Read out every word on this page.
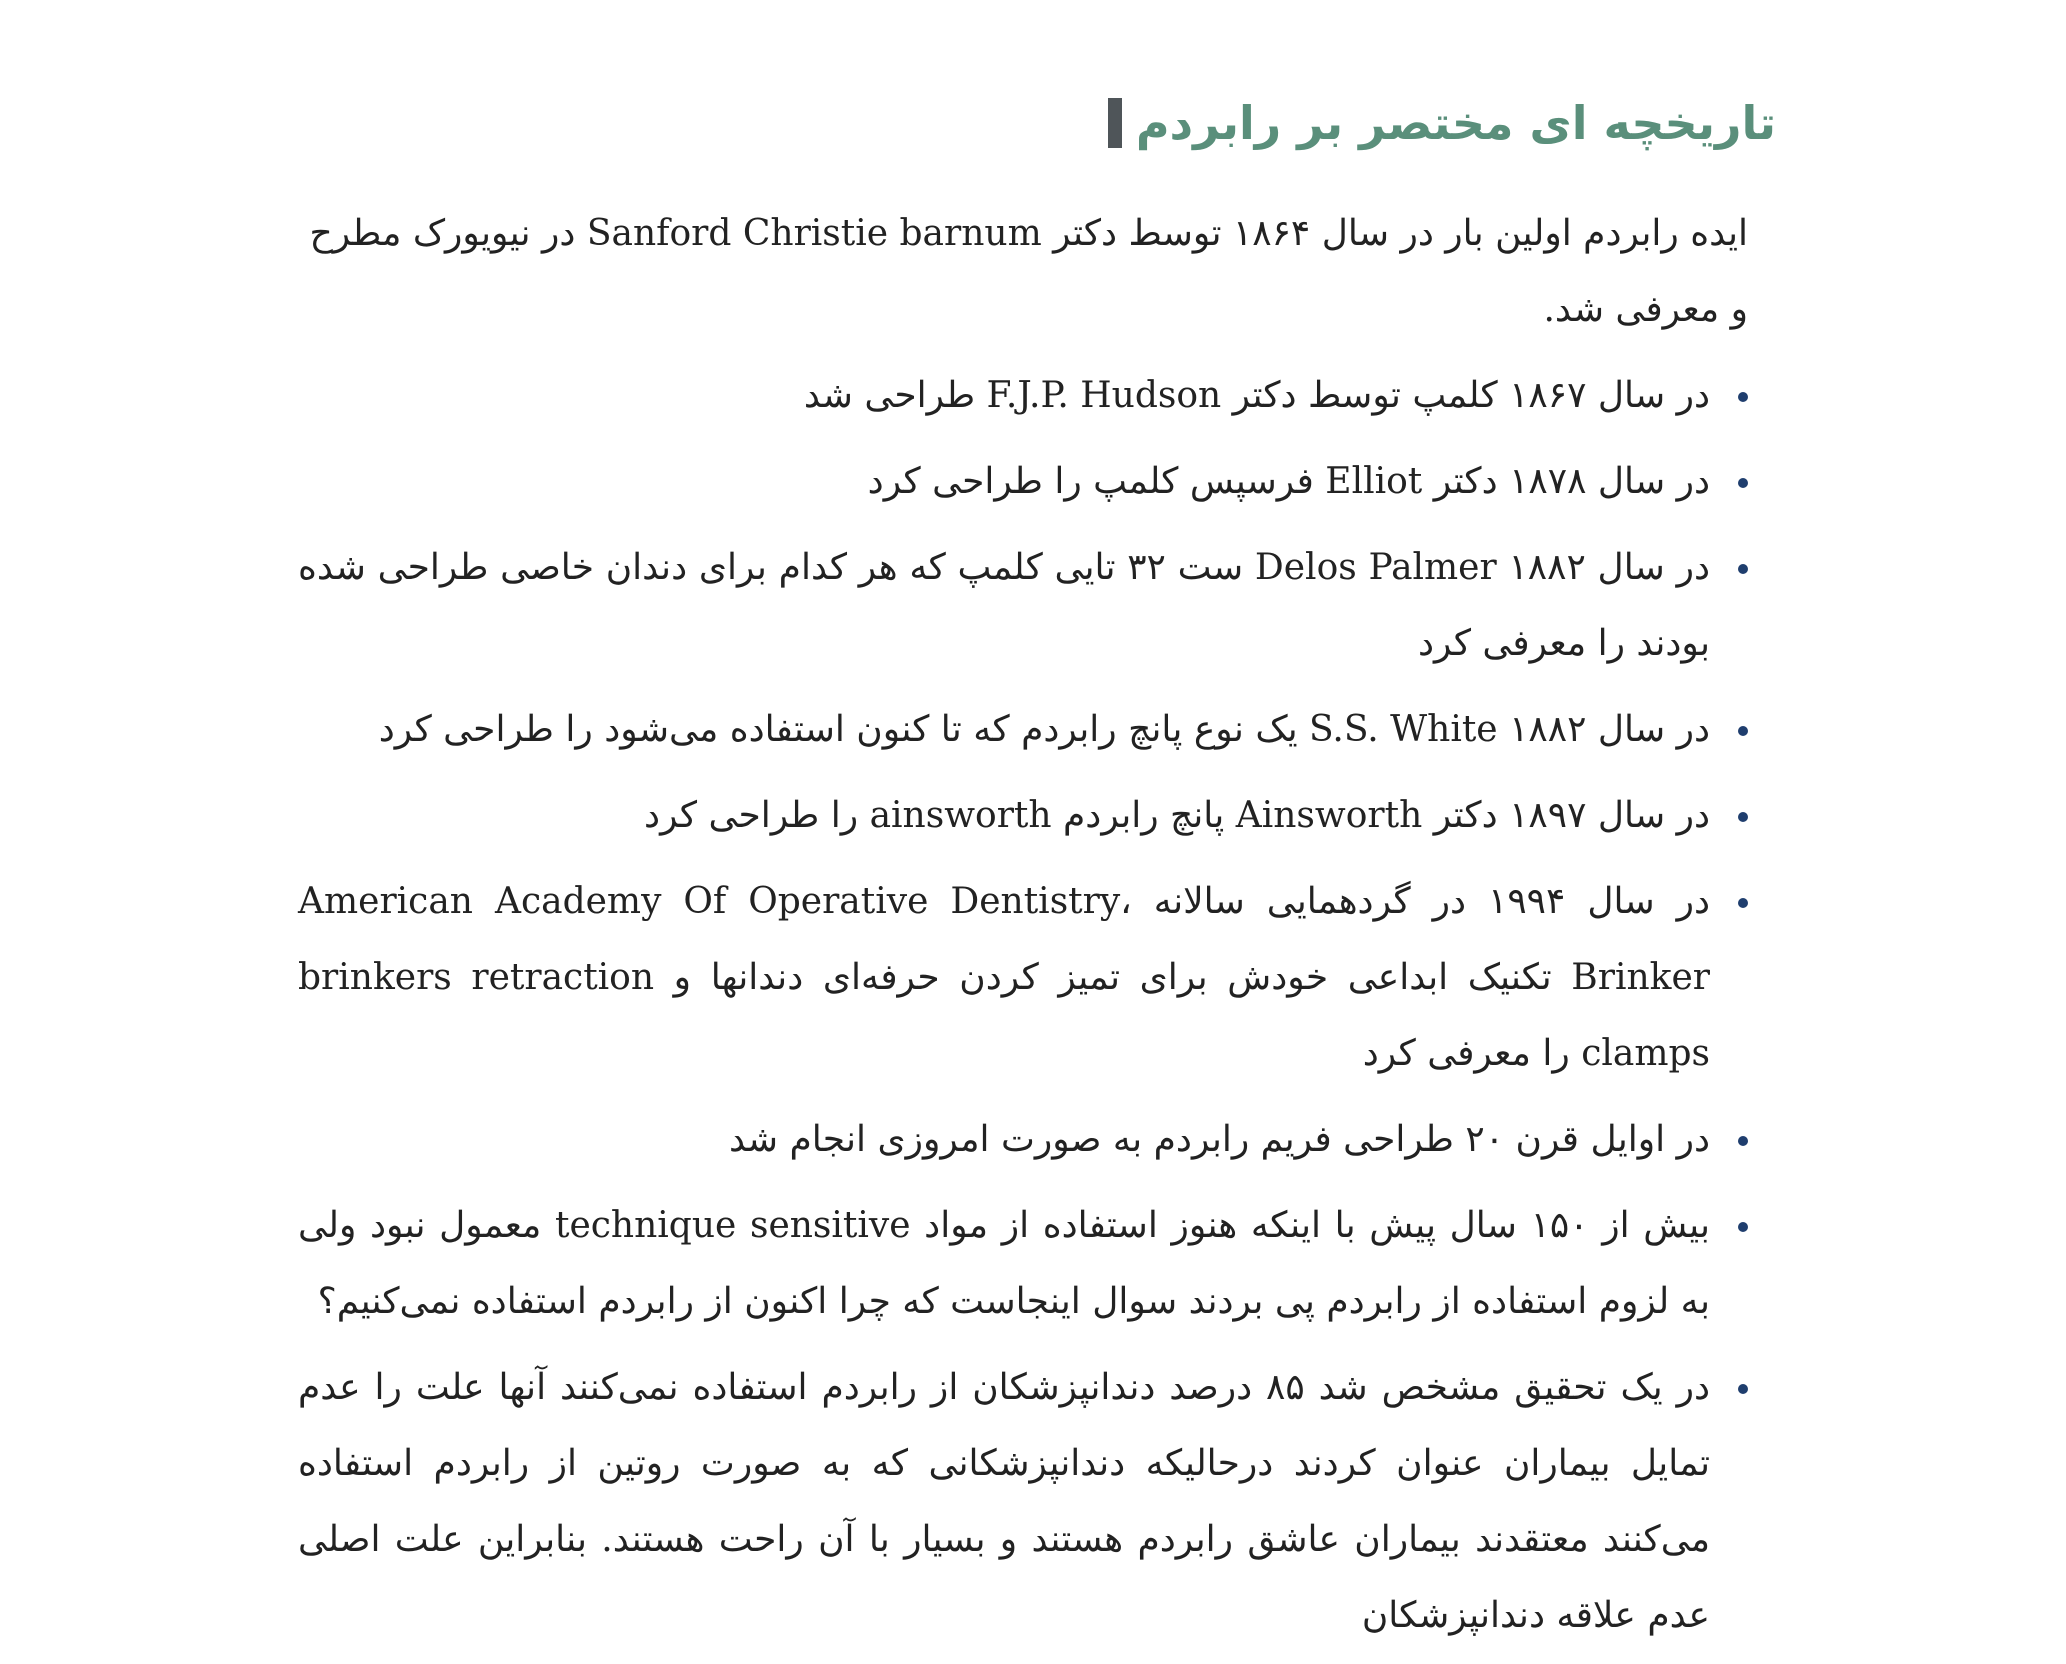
تاریخچه ای مختصر بر رابردم

ایده رابردم اولین بار در سال ۱۸۶۴ توسط دکتر Sanford Christie barnum در نیویورک مطرح و معرفی شد.

در سال ۱۸۶۷ کلمپ توسط دکتر F.J.P. Hudson طراحی شد
در سال ۱۸۷۸ دکتر Elliot فرسپس کلمپ را طراحی کرد
در سال ۱۸۸۲ Delos Palmer ست ۳۲ تایی کلمپ که هر کدام برای دندان خاصی طراحی شده بودند را معرفی کرد
در سال ۱۸۸۲ S.S. White یک نوع پانچ رابردم که تا کنون استفاده می‌شود را طراحی کرد
در سال ۱۸۹۷ دکتر Ainsworth پانچ رابردم ainsworth را طراحی کرد
در سال ۱۹۹۴ در گردهمایی سالانه American Academy Of Operative Dentistry، Brinker تکنیک ابداعی خودش برای تمیز کردن حرفه‌ای دندانها و brinkers retraction clamps را معرفی کرد
در اوایل قرن ۲۰ طراحی فریم رابردم به صورت امروزی انجام شد
بیش از ۱۵۰ سال پیش با اینکه هنوز استفاده از مواد technique sensitive معمول نبود ولی به لزوم استفاده از رابردم پی بردند سوال اینجاست که چرا اکنون از رابردم استفاده نمی‌کنیم؟
در یک تحقیق مشخص شد ۸۵ درصد دندانپزشکان از رابردم استفاده نمی‌کنند آنها علت را عدم تمایل بیماران عنوان کردند درحالیکه دندانپزشکانی که به صورت روتین از رابردم استفاده می‌کنند معتقدند بیماران عاشق رابردم هستند و بسیار با آن راحت هستند. بنابراین علت اصلی عدم علاقه دندانپزشکان
